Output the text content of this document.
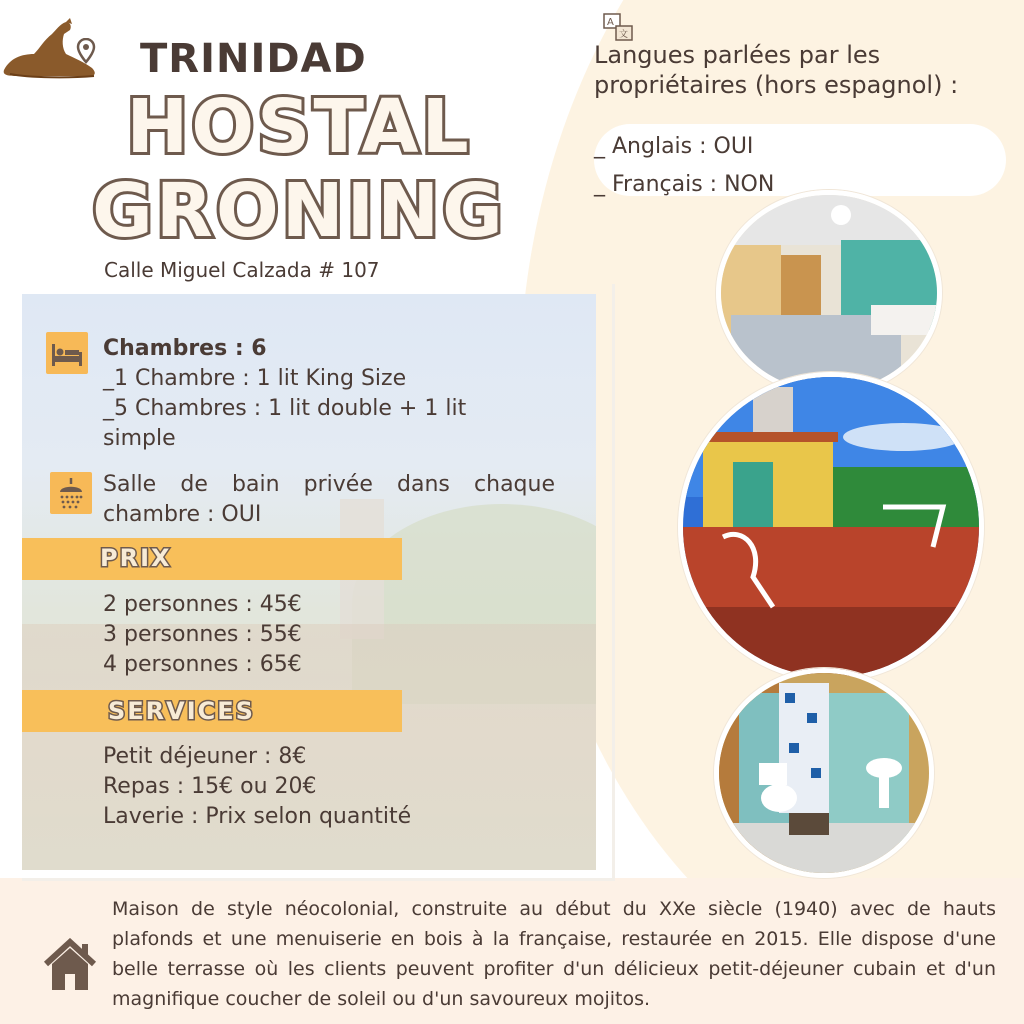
TRINIDAD
HOSTAL
GRONING
Calle Miguel Calzada # 107
A
文
Langues parlées par les propriétaires (hors espagnol) :
_ Anglais : OUI
_ Français : NON
Chambres : 6
_1 Chambre : 1 lit King Size
_5 Chambres : 1 lit double + 1 lit simple
Salle de bain privée dans chaque chambre : OUI
PRIX
2 personnes : 45€
3 personnes : 55€
4 personnes : 65€
SERVICES
Petit déjeuner : 8€
Repas : 15€ ou 20€
Laverie : Prix selon quantité
Maison de style néocolonial, construite au début du XXe siècle (1940) avec de hauts plafonds et une menuiserie en bois à la française, restaurée en 2015. Elle dispose d'une belle terrasse où les clients peuvent profiter d'un délicieux petit-déjeuner cubain et d'un magnifique coucher de soleil ou d'un savoureux mojitos.
